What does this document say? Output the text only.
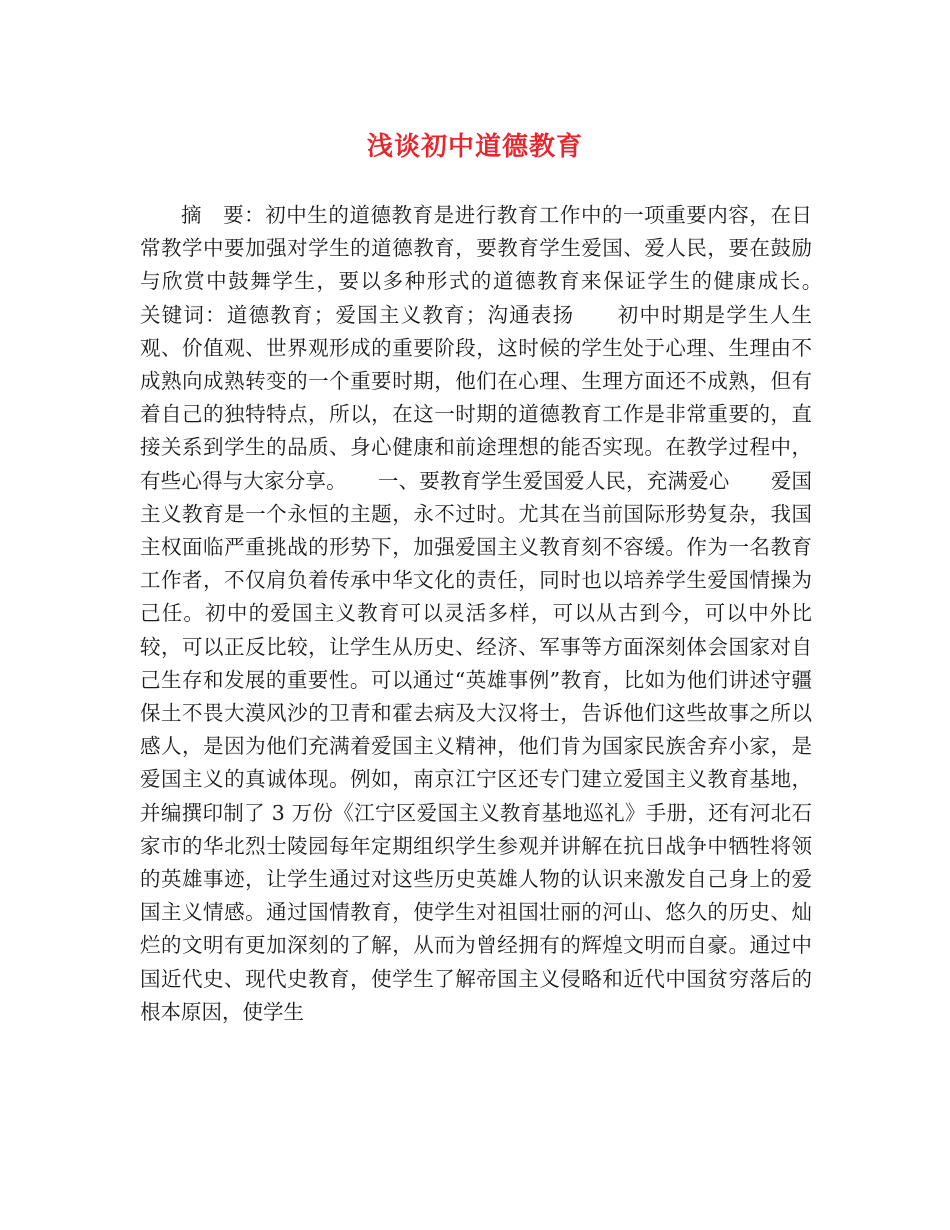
浅谈初中道德教育

摘　要：初中生的道德教育是进行教育工作中的一项重要内容，在日常教学中要加强对学生的道德教育，要教育学生爱国、爱人民，要在鼓励与欣赏中鼓舞学生，要以多种形式的道德教育来保证学生的健康成长。　　关键词：道德教育；爱国主义教育；沟通表扬　　初中时期是学生人生观、价值观、世界观形成的重要阶段，这时候的学生处于心理、生理由不成熟向成熟转变的一个重要时期，他们在心理、生理方面还不成熟，但有着自己的独特特点，所以，在这一时期的道德教育工作是非常重要的，直接关系到学生的品质、身心健康和前途理想的能否实现。在教学过程中，有些心得与大家分享。　　一、要教育学生爱国爱人民，充满爱心　　爱国主义教育是一个永恒的主题，永不过时。尤其在当前国际形势复杂，我国主权面临严重挑战的形势下，加强爱国主义教育刻不容缓。作为一名教育工作者，不仅肩负着传承中华文化的责任，同时也以培养学生爱国情操为己任。初中的爱国主义教育可以灵活多样，可以从古到今，可以中外比较，可以正反比较，让学生从历史、经济、军事等方面深刻体会国家对自己生存和发展的重要性。可以通过“英雄事例”教育，比如为他们讲述守疆保土不畏大漠风沙的卫青和霍去病及大汉将士，告诉他们这些故事之所以感人，是因为他们充满着爱国主义精神，他们肯为国家民族舍弃小家，是爱国主义的真诚体现。例如，南京江宁区还专门建立爱国主义教育基地，并编撰印制了 3 万份《江宁区爱国主义教育基地巡礼》手册，还有河北石家市的华北烈士陵园每年定期组织学生参观并讲解在抗日战争中牺牲将领的英雄事迹，让学生通过对这些历史英雄人物的认识来激发自己身上的爱国主义情感。通过国情教育，使学生对祖国壮丽的河山、悠久的历史、灿烂的文明有更加深刻的了解，从而为曾经拥有的辉煌文明而自豪。通过中国近代史、现代史教育，使学生了解帝国主义侵略和近代中国贫穷落后的根本原因，使学生
